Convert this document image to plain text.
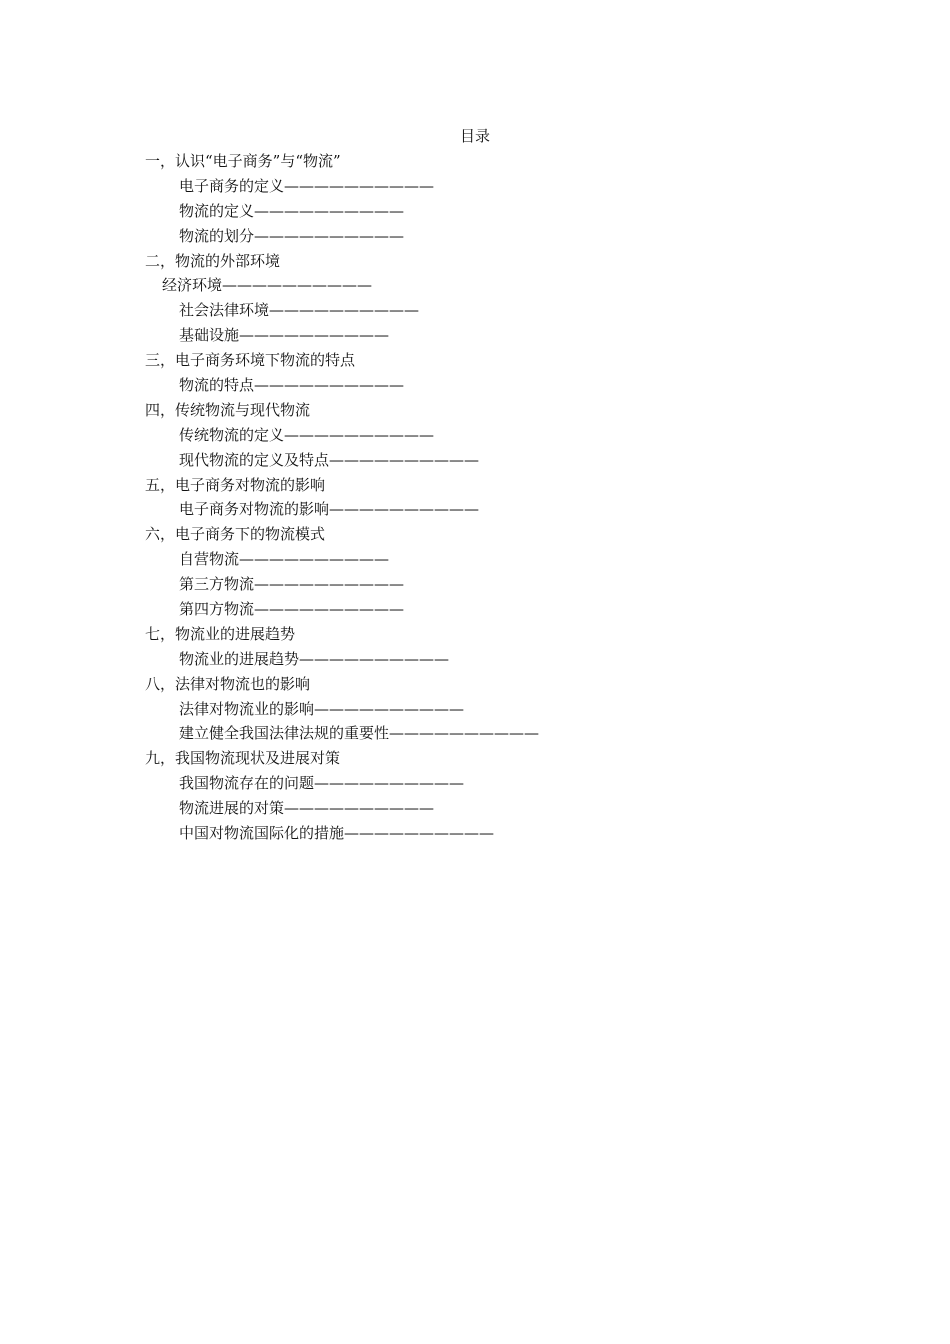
目录
一，认识“电子商务”与“物流”
电子商务的定义——————————
物流的定义——————————
物流的划分——————————
二，物流的外部环境
经济环境——————————
社会法律环境——————————
基础设施——————————
三，电子商务环境下物流的特点
物流的特点——————————
四，传统物流与现代物流
传统物流的定义——————————
现代物流的定义及特点——————————
五，电子商务对物流的影响
电子商务对物流的影响——————————
六，电子商务下的物流模式
自营物流——————————
第三方物流——————————
第四方物流——————————
七，物流业的进展趋势
物流业的进展趋势——————————
八，法律对物流也的影响
法律对物流业的影响——————————
建立健全我国法律法规的重要性——————————
九，我国物流现状及进展对策
我国物流存在的问题——————————
物流进展的对策——————————
中国对物流国际化的措施——————————
